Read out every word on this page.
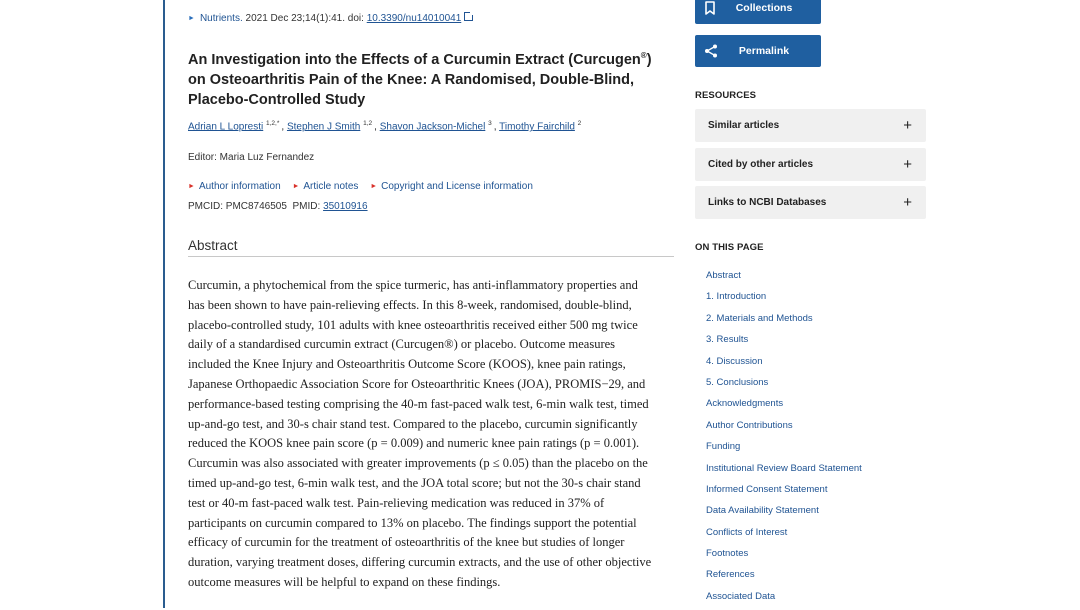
► Nutrients. 2021 Dec 23;14(1):41. doi: 10.3390/nu14010041
An Investigation into the Effects of a Curcumin Extract (Curcugen®) on Osteoarthritis Pain of the Knee: A Randomised, Double-Blind, Placebo-Controlled Study
Adrian L Lopresti $^{1,2,*}$ , Stephen J Smith $^{1,2}$ , Shavon Jackson-Michel $^3$ , Timothy Fairchild $^2$
Editor: Maria Luz Fernandez
► Author information ► Article notes ► Copyright and License information
PMCID: PMC8746505 PMID: 35010916
Abstract
Curcumin, a phytochemical from the spice turmeric, has anti-inflammatory properties and
has been shown to have pain-relieving effects. In this 8-week, randomised, double-blind,
placebo-controlled study, 101 adults with knee osteoarthritis received either 500 mg twice
daily of a standardised curcumin extract (Curcugen®) or placebo. Outcome measures
included the Knee Injury and Osteoarthritis Outcome Score (KOOS), knee pain ratings,
Japanese Orthopaedic Association Score for Osteoarthritic Knees (JOA), PROMIS−29, and
performance-based testing comprising the 40-m fast-paced walk test, 6-min walk test, timed
up-and-go test, and 30-s chair stand test. Compared to the placebo, curcumin significantly
reduced the KOOS knee pain score (p = 0.009) and numeric knee pain ratings (p = 0.001).
Curcumin was also associated with greater improvements (p ≤ 0.05) than the placebo on the
timed up-and-go test, 6-min walk test, and the JOA total score; but not the 30-s chair stand
test or 40-m fast-paced walk test. Pain-relieving medication was reduced in 37% of
participants on curcumin compared to 13% on placebo. The findings support the potential
efficacy of curcumin for the treatment of osteoarthritis of the knee but studies of longer
duration, varying treatment doses, differing curcumin extracts, and the use of other objective
outcome measures will be helpful to expand on these findings.
Collections
Permalink
RESOURCES
Similar articles	+
Cited by other articles	+
Links to NCBI Databases	+
ON THIS PAGE
Abstract
1. Introduction
2. Materials and Methods
3. Results
4. Discussion
5. Conclusions
Acknowledgments
Author Contributions
Funding
Institutional Review Board Statement
Informed Consent Statement
Data Availability Statement
Conflicts of Interest
Footnotes
References
Associated Data
